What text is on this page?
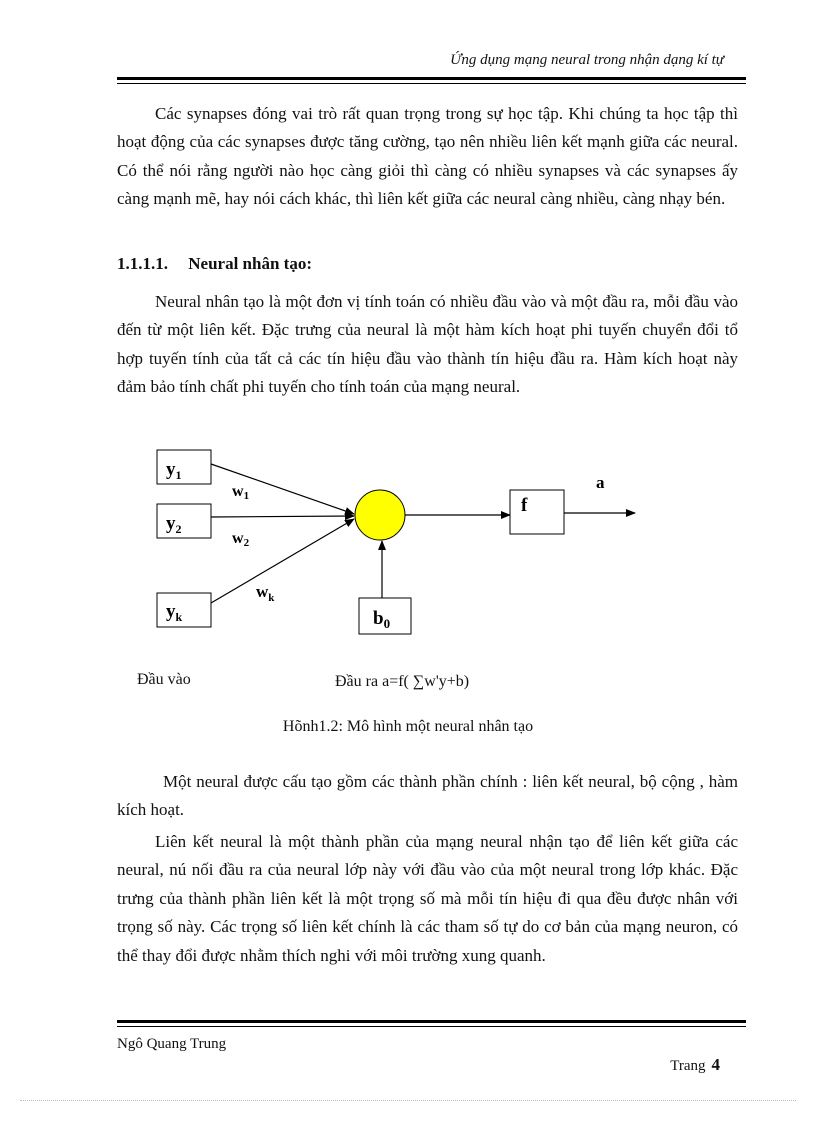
Ứng dụng mạng neural trong nhận dạng kí tự

Các synapses đóng vai trò rất quan trọng trong sự học tập. Khi chúng ta học tập thì hoạt động của các synapses được tăng cường, tạo nên nhiều liên kết mạnh giữa các neural. Có thể nói rằng người nào học càng giỏi thì càng có nhiều synapses và các synapses ấy càng mạnh mẽ, hay nói cách khác, thì liên kết giữa các neural càng nhiều, càng nhạy bén.

1.1.1.1. Neural nhân tạo:

Neural nhân tạo là một đơn vị tính toán có nhiều đầu vào và một đầu ra, mỗi đầu vào đến từ một liên kết. Đặc trưng của neural là một hàm kích hoạt phi tuyến chuyển đổi tổ hợp tuyến tính của tất cả các tín hiệu đầu vào thành tín hiệu đầu ra. Hàm kích hoạt này đảm bảo tính chất phi tuyến cho tính toán của mạng neural.

$y_1$
$y_2$
$y_k$
w1
w2
$w_k$
$b_0$
f
a
Đầu vào	Đầu ra a=f( ∑w'y+b)
Hõnh1.2: Mô hình một neural nhân tạo

Một neural được cấu tạo gồm các thành phần chính : liên kết neural, bộ cộng , hàm kích hoạt.

Liên kết neural là một thành phần của mạng neural nhận tạo để liên kết giữa các neural, nú nối đầu ra của neural lớp này với đầu vào của một neural trong lớp khác. Đặc trưng của thành phần liên kết là một trọng số mà mỗi tín hiệu đi qua đều được nhân với trọng số này. Các trọng số liên kết chính là các tham số tự do cơ bản của mạng neuron, có thể thay đổi được nhằm thích nghi với môi trường xung quanh.

Ngô Quang Trung
Trang 4
